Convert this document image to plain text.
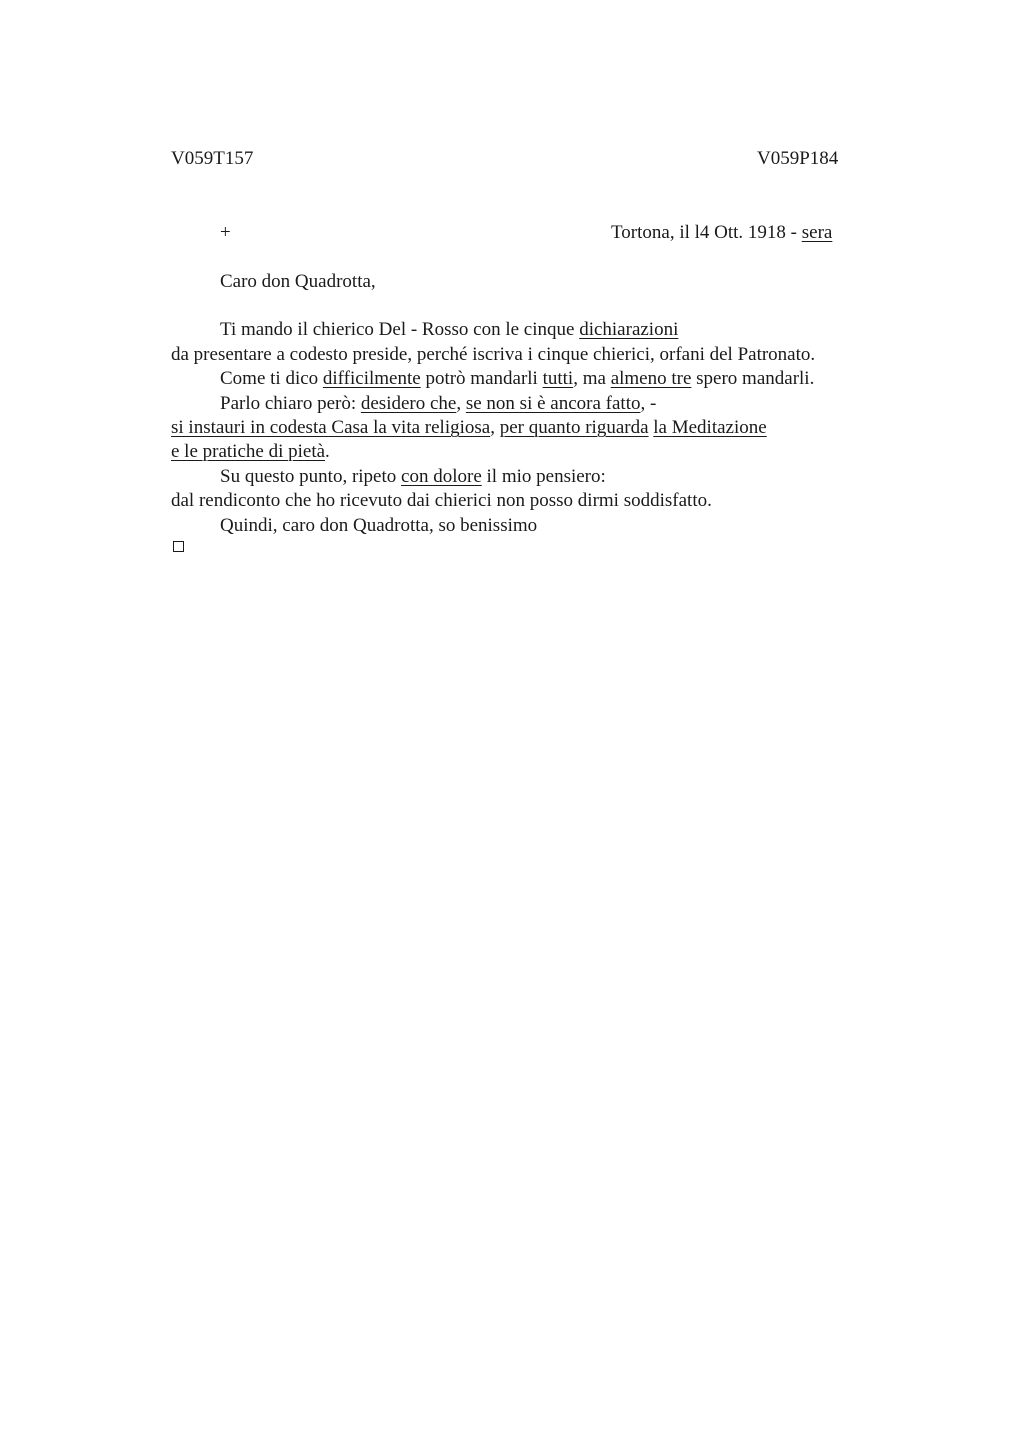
V059T157	V059P184
+	Tortona, il l4 Ott. 1918 - sera
Caro don Quadrotta,
Ti mando il chierico Del - Rosso con le cinque dichiarazioni
da presentare a codesto preside, perché iscriva i cinque chierici, orfani del Patronato.
Come ti dico difficilmente potrò mandarli tutti, ma almeno tre spero mandarli.
Parlo chiaro però: desidero che, se non si è ancora fatto, -
si instauri in codesta Casa la vita religiosa, per quanto riguarda la Meditazione
e le pratiche di pietà.
Su questo punto, ripeto con dolore il mio pensiero:
dal rendiconto che ho ricevuto dai chierici non posso dirmi soddisfatto.
Quindi, caro don Quadrotta, so benissimo
